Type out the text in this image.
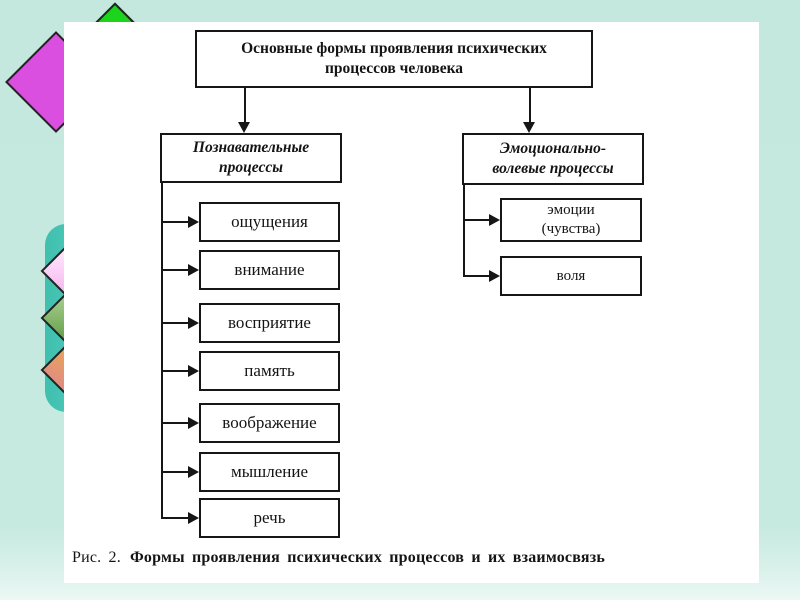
Основные формы проявления психических процессов человека
Познавательные процессы
Эмоционально-волевые процессы
ощущения
внимание
восприятие
память
воображение
мышление
речь
эмоции (чувства)
воля
Рис. 2. Формы проявления психических процессов и их взаимосвязь
